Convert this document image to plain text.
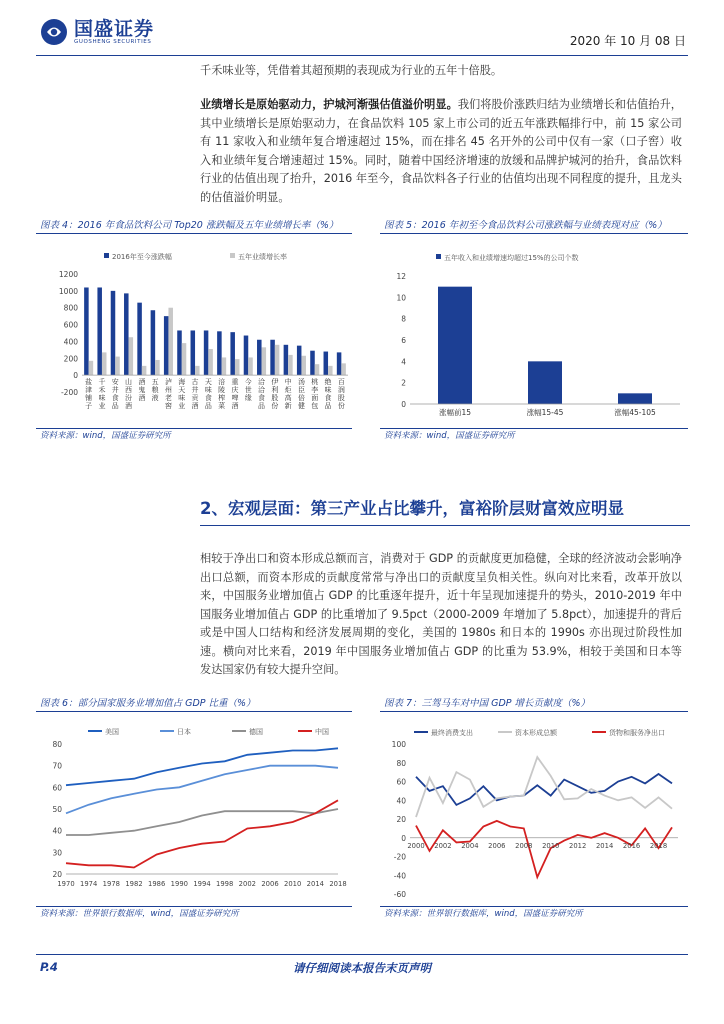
国盛证券
GUOSHENG SECURITIES	2020 年 10 月 08 日
千禾味业等，凭借着其超预期的表现成为行业的五年十倍股。
业绩增长是原始驱动力，护城河渐强估值溢价明显。我们将股价涨跌归结为业绩增长和估值抬升，其中业绩增长是原始驱动力，在食品饮料 105 家上市公司的近五年涨跌幅排行中，前 15 家公司有 11 家收入和业绩年复合增速超过 15%，而在排名 45 名开外的公司中仅有一家（口子窖）收入和业绩年复合增速超过 15%。同时，随着中国经济增速的放缓和品牌护城河的抬升，食品饮料行业的估值出现了抬升，2016 年至今，食品饮料各子行业的估值均出现不同程度的提升，且龙头的估值溢价明显。
图表 4：2016 年食品饮料公司 Top20 涨跌幅及五年业绩增长率（%）
1200
1000
800
600
400
200
0
-200
2016年至今涨跌幅	五年业绩增长率
盐
津
铺
子
千
禾
味
业
安
井
食
品
山
西
汾
酒
酒
鬼
酒
五
粮
液
泸
州
老
窖
海
天
味
业
古
井
贡
酒
天
味
食
品
涪
陵
榨
菜
重
庆
啤
酒
今
世
缘
洽
洽
食
品
伊
利
股
份
中
炬
高
新
汤
臣
倍
健
桃
李
面
包
绝
味
食
品
百
润
股
份
资料来源：wind，国盛证券研究所
图表 5：2016 年初至今食品饮料公司涨跌幅与业绩表现对应（%）
12
10
8
6
4
2
0
五年收入和业绩增速均超过15%的公司个数
涨幅前15	涨幅15-45	涨幅45-105
资料来源：wind，国盛证券研究所
2、宏观层面：第三产业占比攀升，富裕阶层财富效应明显
相较于净出口和资本形成总额而言，消费对于 GDP 的贡献度更加稳健，全球的经济波动会影响净出口总额，而资本形成的贡献度常常与净出口的贡献度呈负相关性。纵向对比来看，改革开放以来，中国服务业增加值占 GDP 的比重逐年提升，近十年呈现加速提升的势头，2010-2019 年中国服务业增加值占 GDP 的比重增加了 9.5pct（2000-2009 年增加了 5.8pct），加速提升的背后或是中国人口结构和经济发展周期的变化，美国的 1980s 和日本的 1990s 亦出现过阶段性加速。横向对比来看，2019 年中国服务业增加值占 GDP 的比重为 53.9%，相较于美国和日本等发达国家仍有较大提升空间。
图表 6：部分国家服务业增加值占 GDP 比重（%）
80
70
60
50
40
30
20
美国	日本	德国	中国
1970 1974 1978 1982 1986 1990 1994 1998 2002 2006 2010 2014 2018
资料来源：世界银行数据库，wind，国盛证券研究所
图表 7：三驾马车对中国 GDP 增长贡献度（%）
100
80
60
40
20
0
-20
-40
-60
最终消费支出	资本形成总额	货物和服务净出口
2000 2002 2004 2006 2008 2010 2012 2014 2016 2018
资料来源：世界银行数据库，wind，国盛证券研究所
P.4	请仔细阅读本报告末页声明
